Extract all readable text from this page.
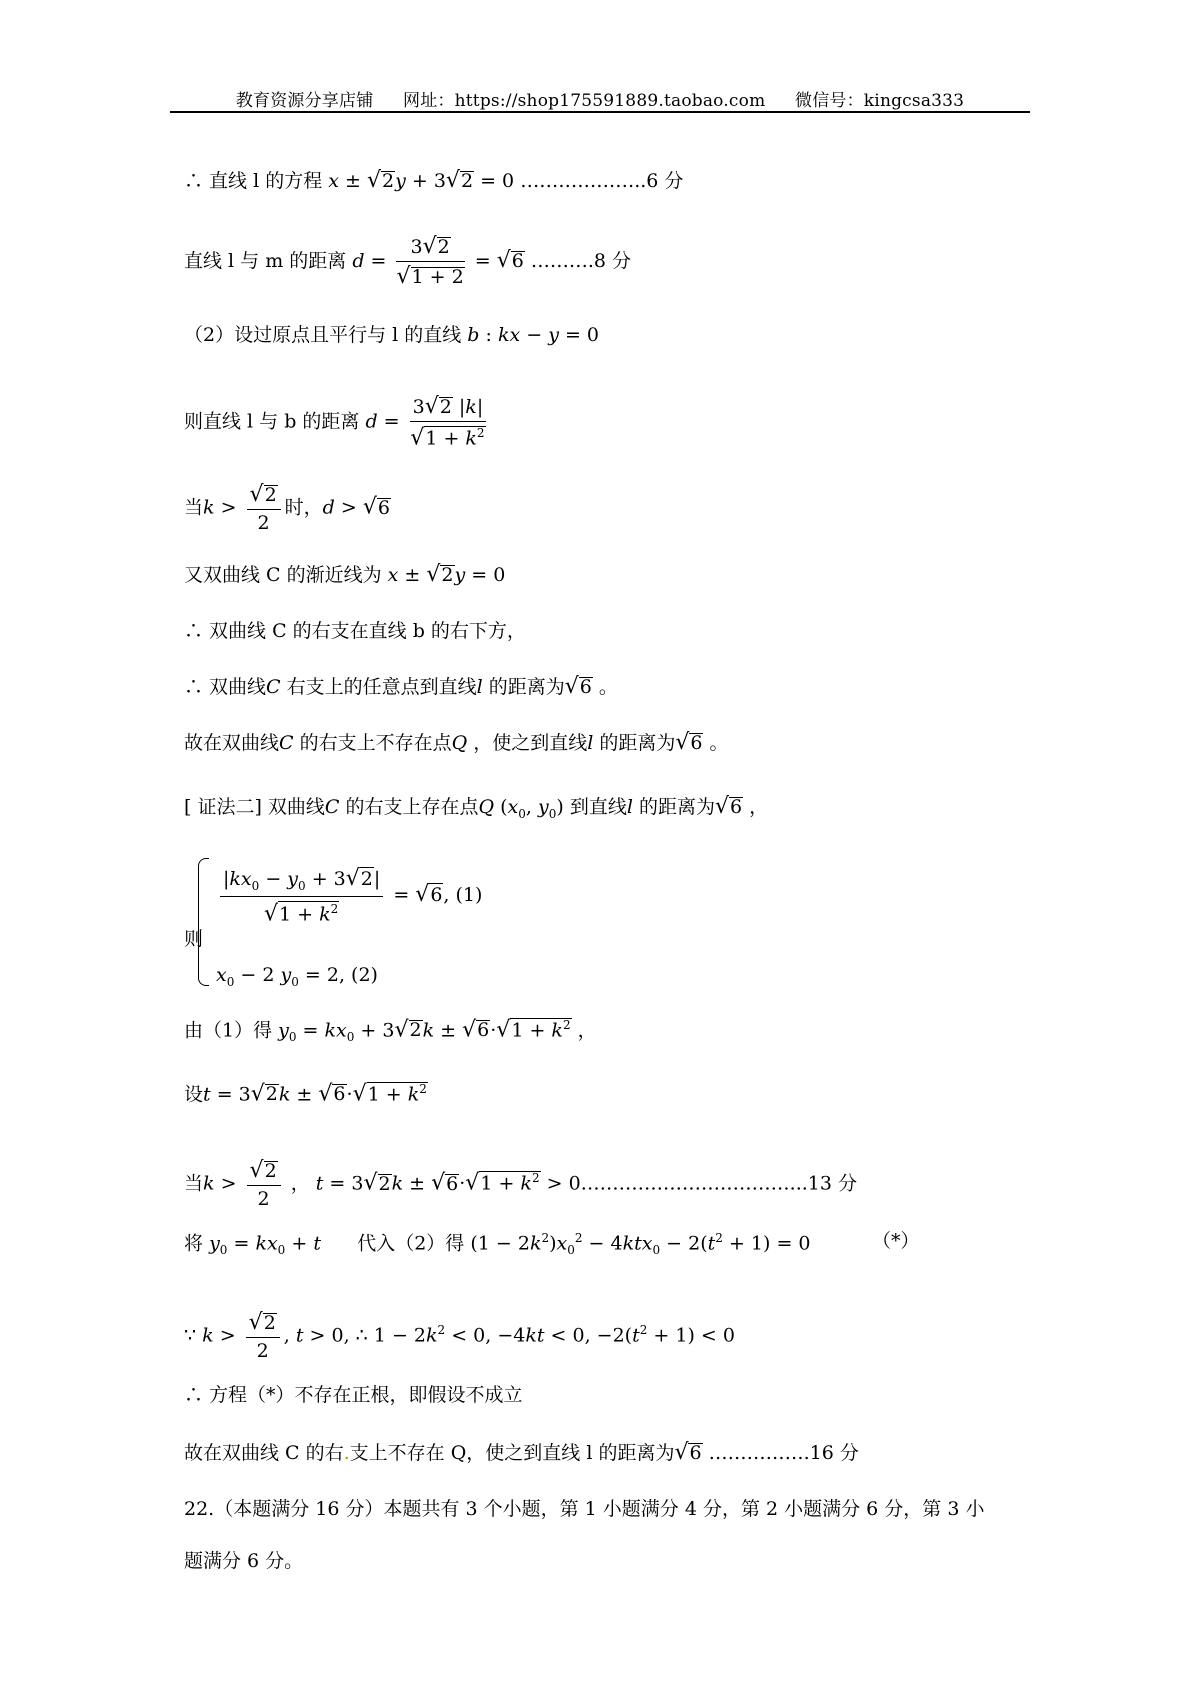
教育资源分享店铺 网址：https://shop175591889.taobao.com 微信号：kingcsa333
∴ 直线 l 的方程 x ± √2y + 3√2 = 0 ………………..6 分
直线 l 与 m 的距离 $d = \frac{3√2}{√1 + 2} = √6$ ……….8 分
（2）设过原点且平行与 l 的直线 b : kx − y = 0
则直线 l 与 b 的距离 $d = \frac{3√2 |k|}{√1 + k^2}$
当$k > \frac{√2}{2}$ 时，d > √6
又双曲线 C 的渐近线为 x ± √2y = 0
∴ 双曲线 C 的右支在直线 b 的右下方，
∴ 双曲线C 右支上的任意点到直线l 的距离为√6 。
故在双曲线C 的右支上不存在点Q ，使之到直线l 的距离为√6 。
[ 证法二] 双曲线C 的右支上存在点Q ($x_0$, $y_0$) 到直线l 的距离为√6 ，
则
$\frac{|kx_0 - y_0 + 3√2|}{√1 + k^2} = √6$, (1)
$x_0 - 2$ $y_0 = 2$, (2)
由（1）得 $y_0 = kx_0 + 3√2k \pm √6\cdot√1 + k^2$ ，
设$t = 3√2k \pm √6\cdot√1 + k^2$
当$k > \frac{√2}{2}$ ， $t = 3√2k \pm √6\cdot√1 + k^2$ > 0……………………………...13 分
将 $y_0 = kx_0 + t$ 代入（2）得 $(1 - 2k^2)x_0^2 - 4ktx_0 - 2(t^2 + 1) = 0$	（*）
∵ $k > \frac{√2}{2}$ , t > 0, ∴ $1 - 2k^2 < 0$, −4kt < 0, $-2(t^2 + 1) < 0$
∴ 方程（*）不存在正根，即假设不成立
故在双曲线 C 的右.支上不存在 Q，使之到直线 l 的距离为√6 …………….16 分
22.（本题满分 16 分）本题共有 3 个小题，第 1 小题满分 4 分，第 2 小题满分 6 分，第 3 小
题满分 6 分。
